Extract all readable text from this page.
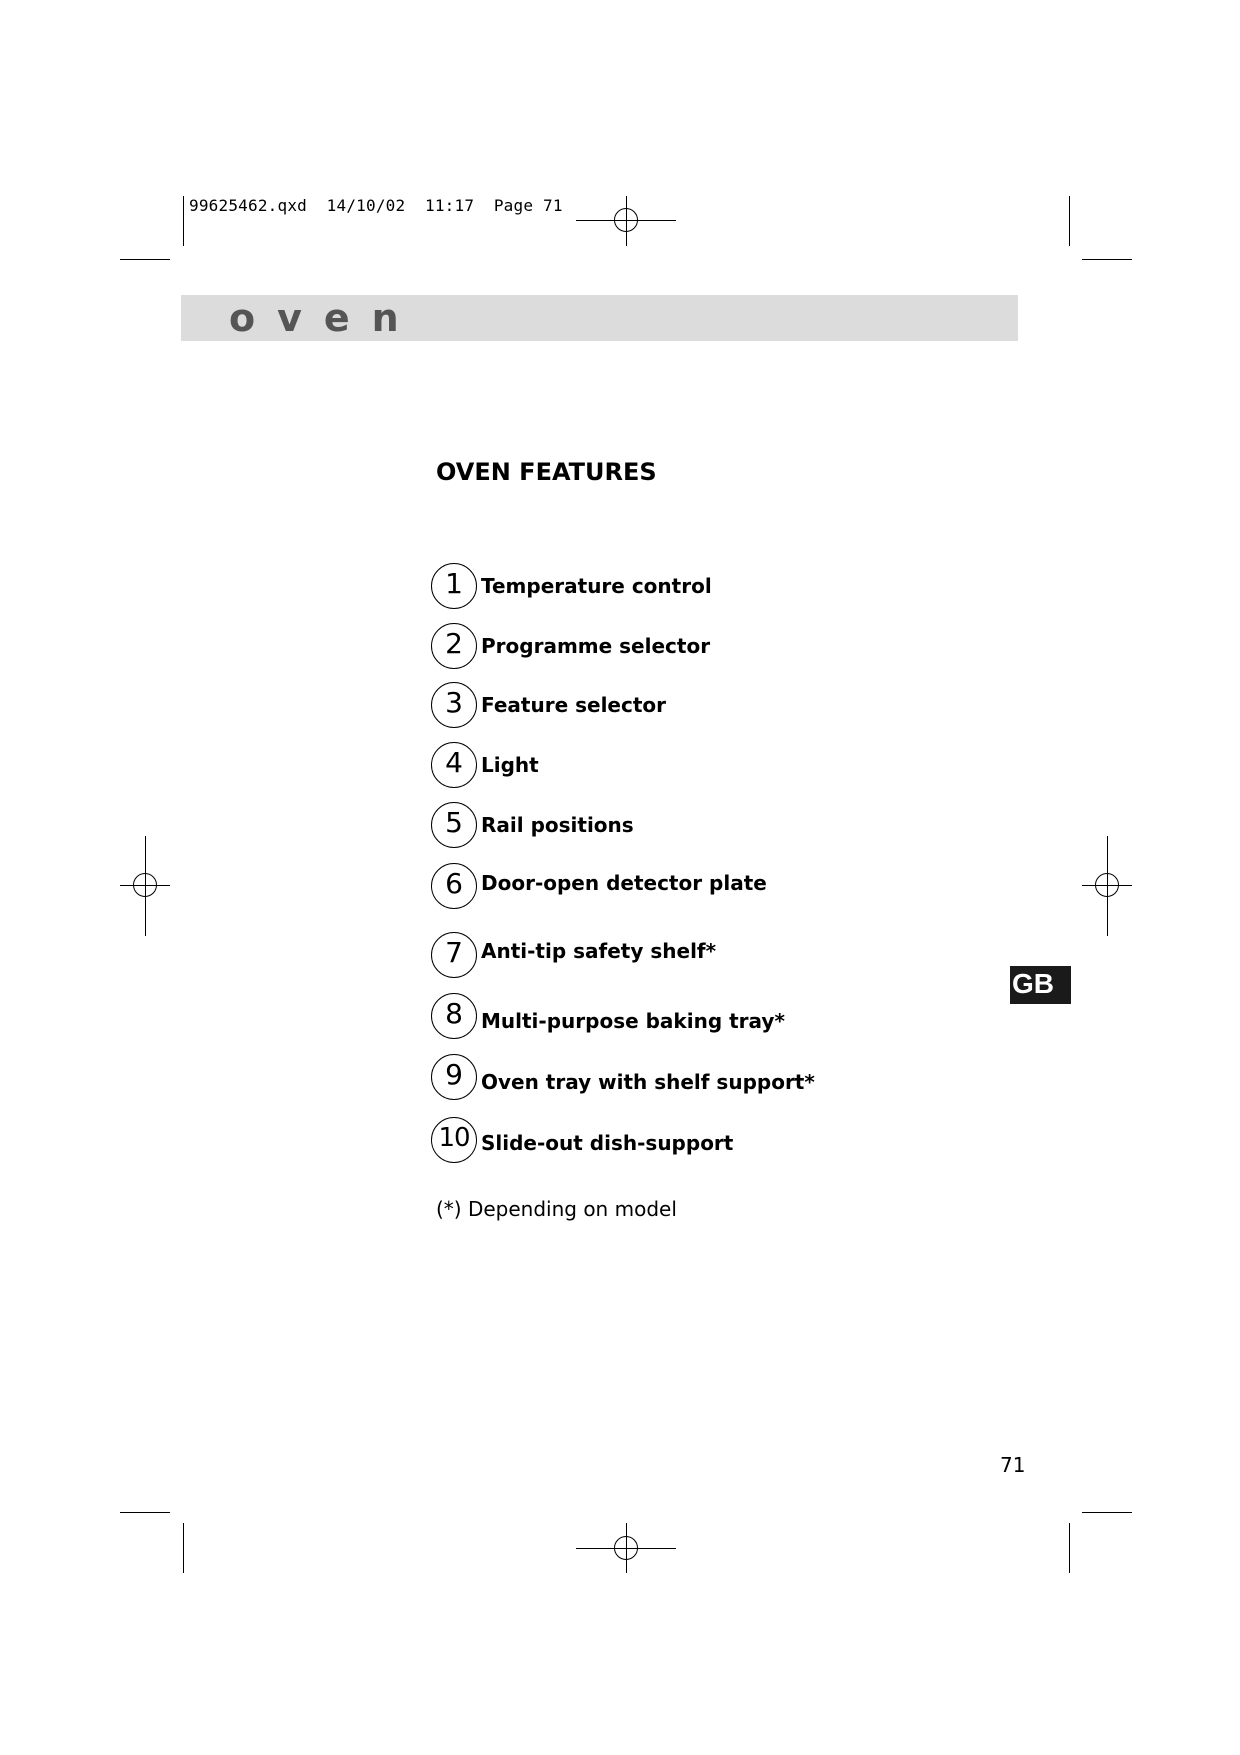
99625462.qxd  14/10/02  11:17  Page 71
oven
OVEN FEATURES
1 Temperature control
2 Programme selector
3 Feature selector
4 Light
5 Rail positions
6 Door-open detector plate
7 Anti-tip safety shelf*
8 Multi-purpose baking tray*
9 Oven tray with shelf support*
10 Slide-out dish-support
(*) Depending on model
GB
71
